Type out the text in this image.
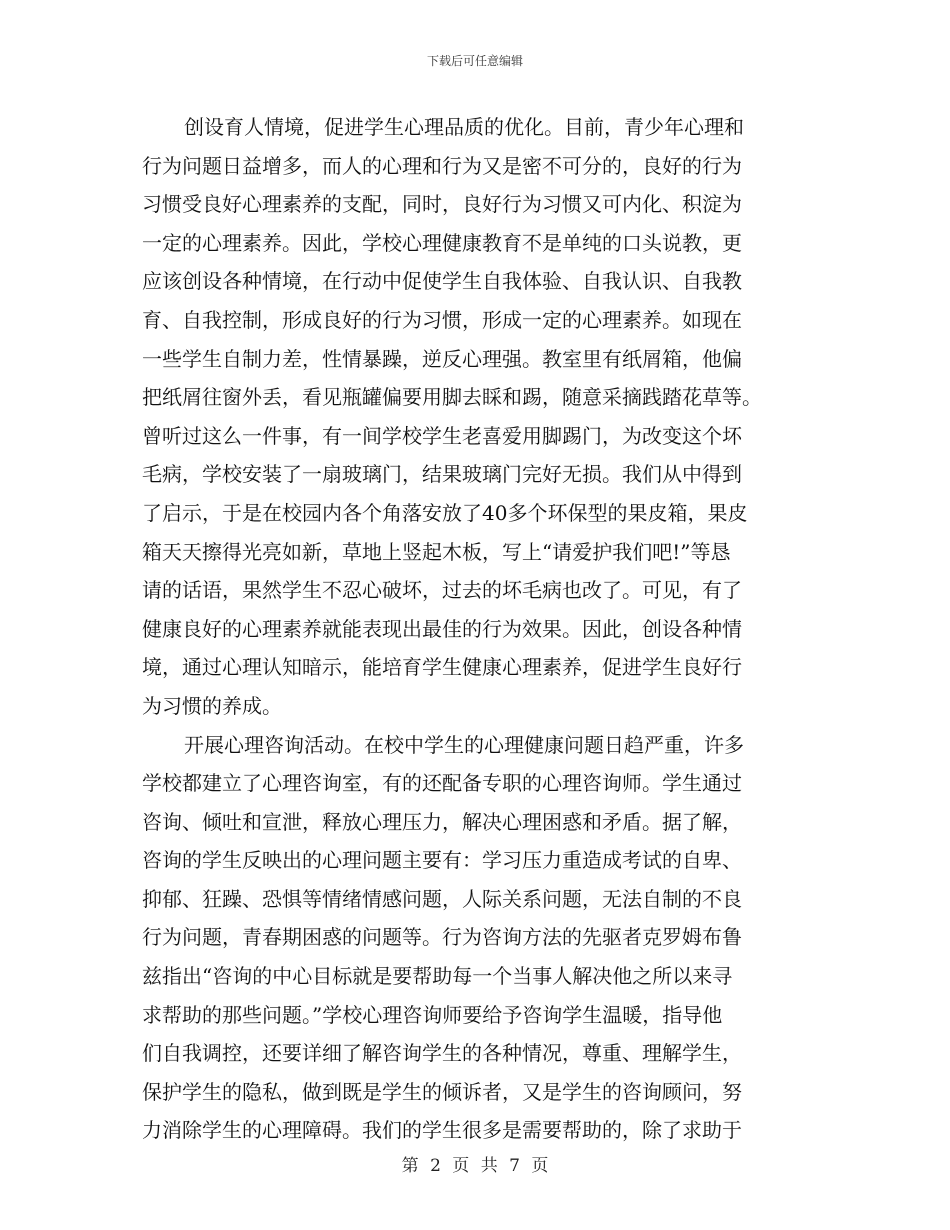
下载后可任意编辑
创设育人情境，促进学生心理品质的优化。目前，青少年心理和
行为问题日益增多，而人的心理和行为又是密不可分的，良好的行为
习惯受良好心理素养的支配，同时，良好行为习惯又可内化、积淀为
一定的心理素养。因此，学校心理健康教育不是单纯的口头说教，更
应该创设各种情境，在行动中促使学生自我体验、自我认识、自我教
育、自我控制，形成良好的行为习惯，形成一定的心理素养。如现在
一些学生自制力差，性情暴躁，逆反心理强。教室里有纸屑箱，他偏
把纸屑往窗外丢，看见瓶罐偏要用脚去睬和踢，随意采摘践踏花草等。
曾听过这么一件事，有一间学校学生老喜爱用脚踢门，为改变这个坏
毛病，学校安装了一扇玻璃门，结果玻璃门完好无损。我们从中得到
了启示，于是在校园内各个角落安放了40多个环保型的果皮箱，果皮
箱天天擦得光亮如新，草地上竖起木板，写上“请爱护我们吧!”等恳
请的话语，果然学生不忍心破坏，过去的坏毛病也改了。可见，有了
健康良好的心理素养就能表现出最佳的行为效果。因此，创设各种情
境，通过心理认知暗示，能培育学生健康心理素养，促进学生良好行
为习惯的养成。
开展心理咨询活动。在校中学生的心理健康问题日趋严重，许多
学校都建立了心理咨询室，有的还配备专职的心理咨询师。学生通过
咨询、倾吐和宣泄，释放心理压力，解决心理困惑和矛盾。据了解，
咨询的学生反映出的心理问题主要有：学习压力重造成考试的自卑、
抑郁、狂躁、恐惧等情绪情感问题，人际关系问题，无法自制的不良
行为问题，青春期困惑的问题等。行为咨询方法的先驱者克罗姆布鲁
兹指出“咨询的中心目标就是要帮助每一个当事人解决他之所以来寻
求帮助的那些问题。”学校心理咨询师要给予咨询学生温暖，指导他
们自我调控，还要详细了解咨询学生的各种情况，尊重、理解学生，
保护学生的隐私，做到既是学生的倾诉者，又是学生的咨询顾问，努
力消除学生的心理障碍。我们的学生很多是需要帮助的，除了求助于
第 2 页 共 7 页
